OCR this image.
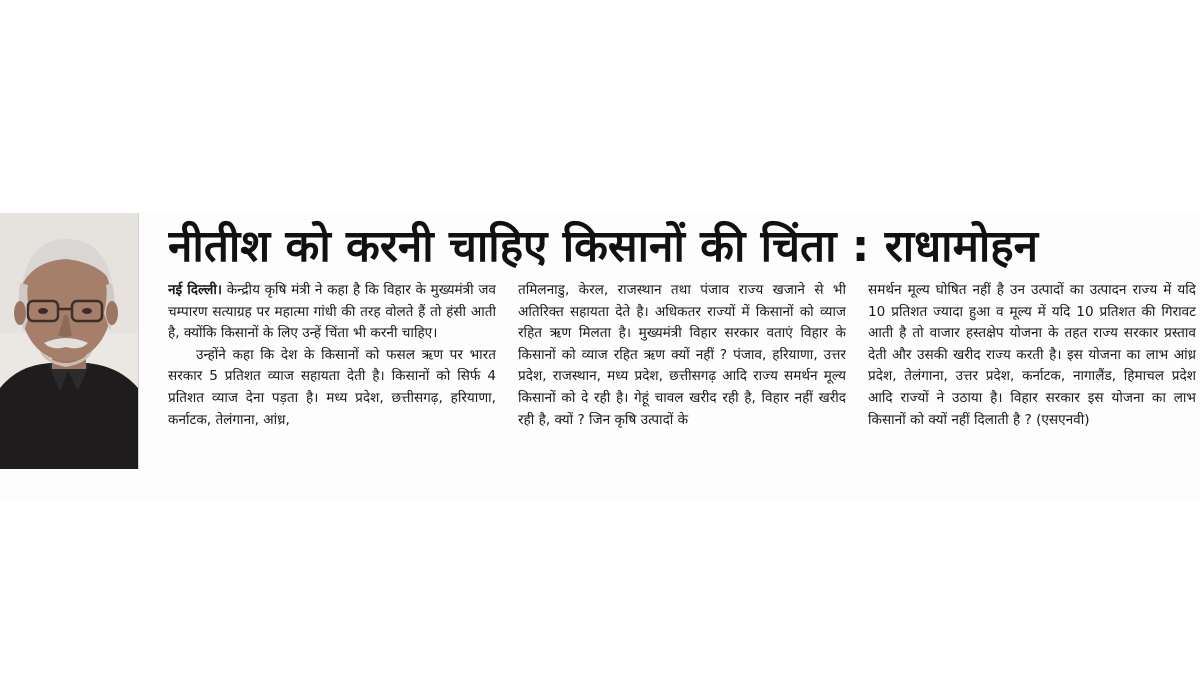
नीतीश को करनी चाहिए किसानों की चिंता : राधामोहन

नई दिल्ली। केन्द्रीय कृषि मंत्री ने कहा है कि विहार के मुख्यमंत्री जव चम्पारण सत्याग्रह पर महात्मा गांधी की तरह वोलते हैं तो हंसी आती है, क्योंकि किसानों के लिए उन्हें चिंता भी करनी चाहिए।

उन्होंने कहा कि देश के किसानों को फसल ऋण पर भारत सरकार 5 प्रतिशत व्याज सहायता देती है। किसानों को सिर्फ 4 प्रतिशत व्याज देना पड़ता है। मध्य प्रदेश, छत्तीसगढ़, हरियाणा, कर्नाटक, तेलंगाना, आंध्र,

तमिलनाडु, केरल, राजस्थान तथा पंजाव राज्य खजाने से भी अतिरिक्त सहायता देते है। अधिकतर राज्यों में किसानों को व्याज रहित ऋण मिलता है। मुख्यमंत्री विहार सरकार वताएं विहार के किसानों को व्याज रहित ऋण क्यों नहीं ? पंजाव, हरियाणा, उत्तर प्रदेश, राजस्थान, मध्य प्रदेश, छत्तीसगढ़ आदि राज्य समर्थन मूल्य किसानों को दे रही है। गेहूं चावल खरीद रही है, विहार नहीं खरीद रही है, क्यों ? जिन कृषि उत्पादों के

समर्थन मूल्य घोषित नहीं है उन उत्पादों का उत्पादन राज्य में यदि 10 प्रतिशत ज्यादा हुआ व मूल्य में यदि 10 प्रतिशत की गिरावट आती है तो वाजार हस्तक्षेप योजना के तहत राज्य सरकार प्रस्ताव देती और उसकी खरीद राज्य करती है। इस योजना का लाभ आंध्र प्रदेश, तेलंगाना, उत्तर प्रदेश, कर्नाटक, नागालैंड, हिमाचल प्रदेश आदि राज्यों ने उठाया है। विहार सरकार इस योजना का लाभ किसानों को क्यों नहीं दिलाती है ? (एसएनवी)
